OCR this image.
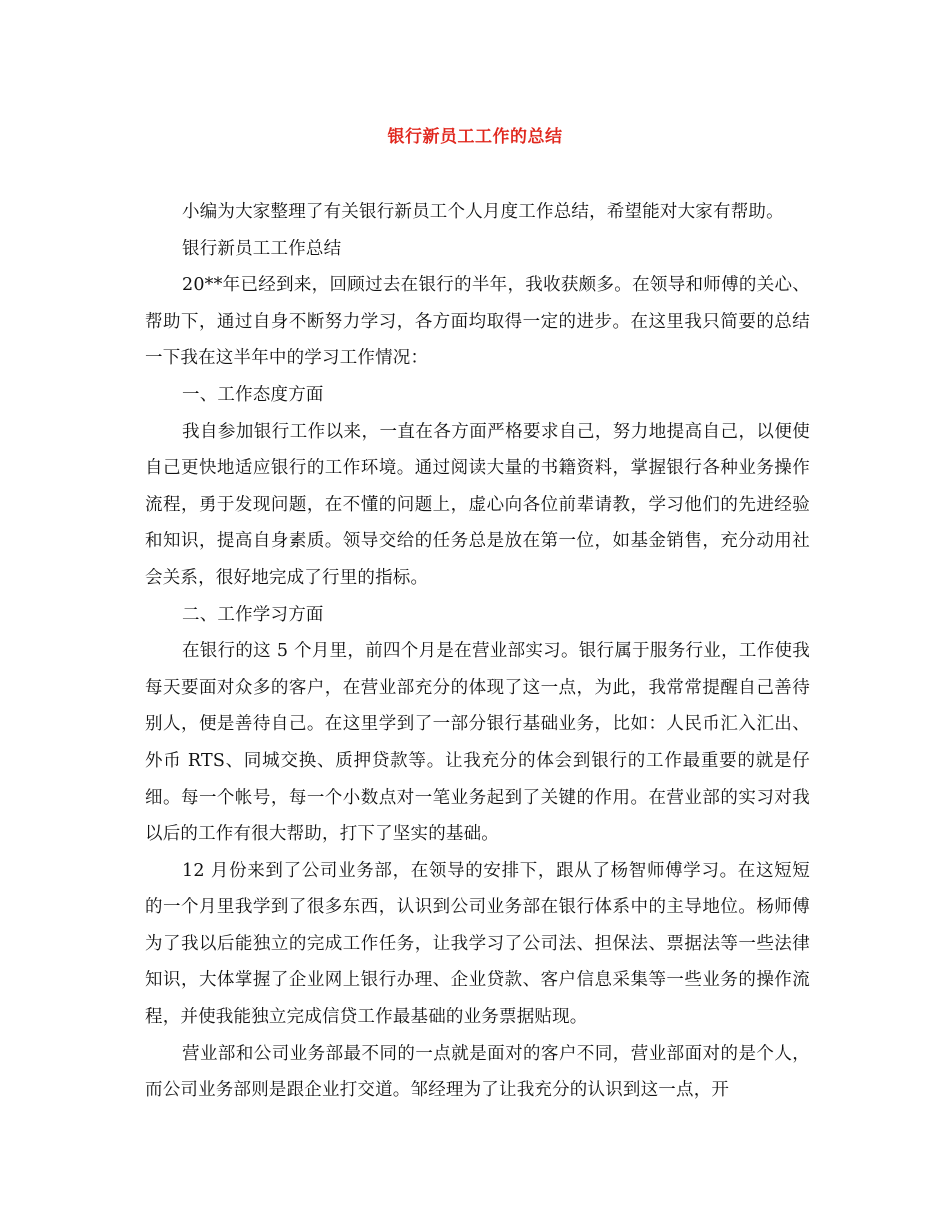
银行新员工工作的总结

小编为大家整理了有关银行新员工个人月度工作总结，希望能对大家有帮助。

银行新员工工作总结

20**年已经到来，回顾过去在银行的半年，我收获颇多。在领导和师傅的关心、帮助下，通过自身不断努力学习，各方面均取得一定的进步。在这里我只简要的总结一下我在这半年中的学习工作情况：

一、工作态度方面

我自参加银行工作以来，一直在各方面严格要求自己，努力地提高自己，以便使自己更快地适应银行的工作环境。通过阅读大量的书籍资料，掌握银行各种业务操作流程，勇于发现问题，在不懂的问题上，虚心向各位前辈请教，学习他们的先进经验和知识，提高自身素质。领导交给的任务总是放在第一位，如基金销售，充分动用社会关系，很好地完成了行里的指标。

二、工作学习方面

在银行的这 5 个月里，前四个月是在营业部实习。银行属于服务行业，工作使我每天要面对众多的客户，在营业部充分的体现了这一点，为此，我常常提醒自己善待别人，便是善待自己。在这里学到了一部分银行基础业务，比如：人民币汇入汇出、外币 RTS、同城交换、质押贷款等。让我充分的体会到银行的工作最重要的就是仔细。每一个帐号，每一个小数点对一笔业务起到了关键的作用。在营业部的实习对我以后的工作有很大帮助，打下了坚实的基础。

12 月份来到了公司业务部，在领导的安排下，跟从了杨智师傅学习。在这短短的一个月里我学到了很多东西，认识到公司业务部在银行体系中的主导地位。杨师傅为了我以后能独立的完成工作任务，让我学习了公司法、担保法、票据法等一些法律知识，大体掌握了企业网上银行办理、企业贷款、客户信息采集等一些业务的操作流程，并使我能独立完成信贷工作最基础的业务票据贴现。

营业部和公司业务部最不同的一点就是面对的客户不同，营业部面对的是个人，而公司业务部则是跟企业打交道。邹经理为了让我充分的认识到这一点，开
